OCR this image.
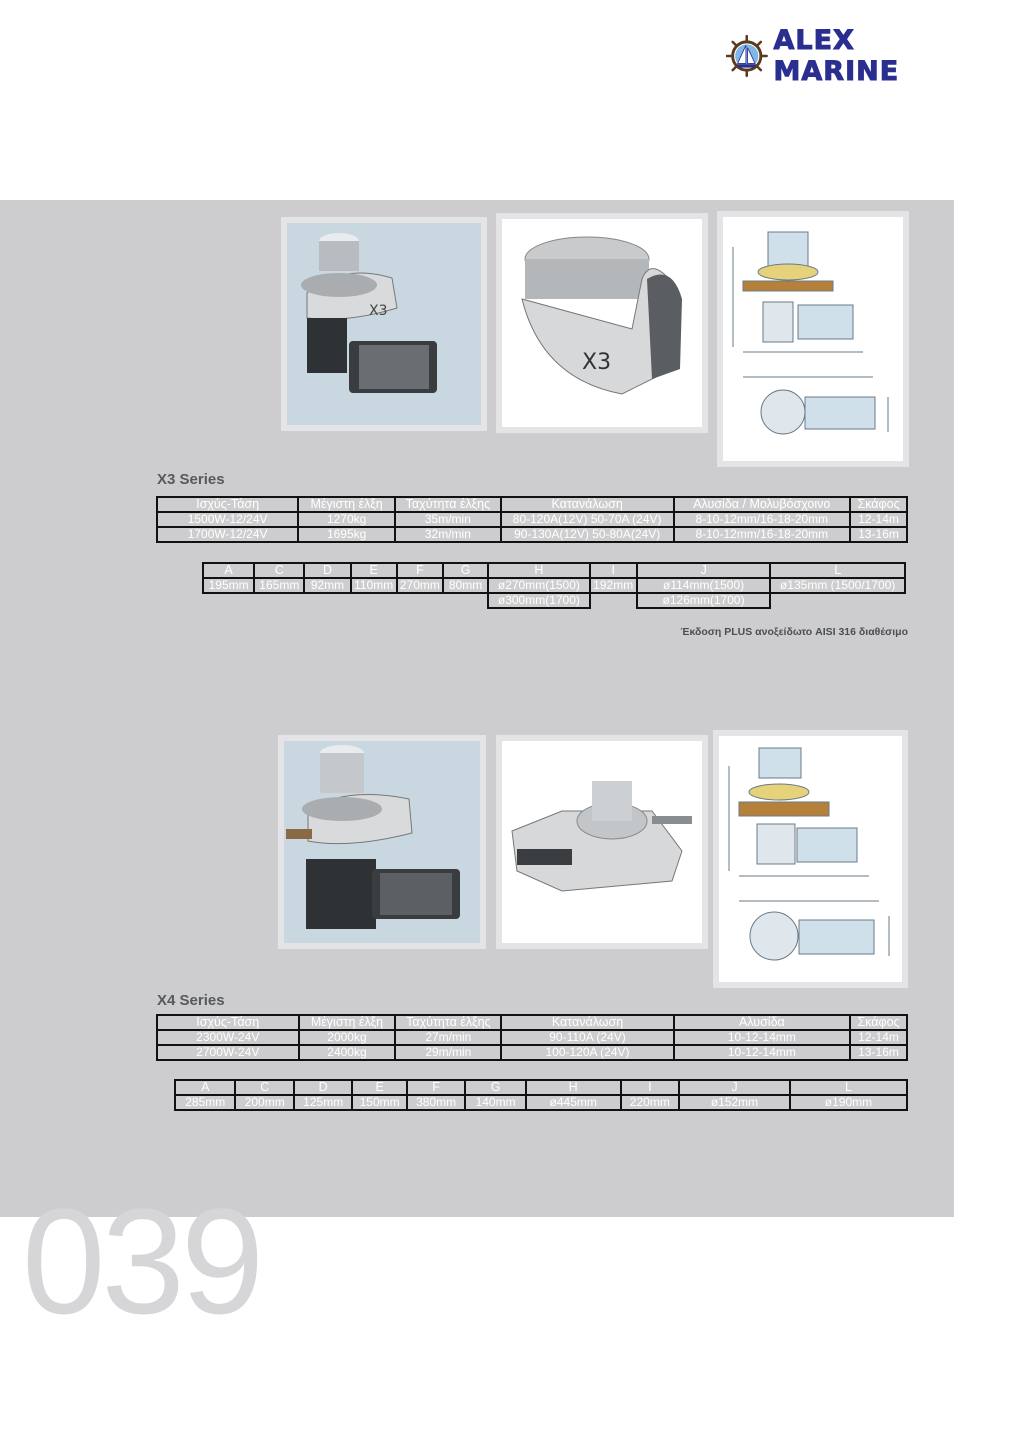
ALEX MARINE
X3
X3
X3 Series
Ισχύς-Τάση	Μέγιστη έλξη	Ταχύτητα έλξης	Κατανάλωση	Αλυσίδα / Μολυβόσχοινο	Σκάφος
1500W-12/24V	1270kg	35m/min	80-120A(12V) 50-70A (24V)	8-10-12mm/16-18-20mm	12-14m
1700W-12/24V	1695kg	32m/min	90-130A(12V) 50-80A(24V)	8-10-12mm/16-18-20mm	13-16m
A	C	D	E	F	G	H	I	J	L
195mm	165mm	92mm	110mm	270mm	80mm	ø270mm(1500)	192mm	ø114mm(1500)	ø135mm (1500/1700)
						ø300mm(1700)		ø126mm(1700)	
Έκδοση PLUS ανοξείδωτο AISI 316 διαθέσιμο
X4 Series
Ισχύς-Τάση	Μέγιστη έλξη	Ταχύτητα έλξης	Κατανάλωση	Αλυσίδα	Σκάφος
2300W-24V	2000kg	27m/min	90-110A (24V)	10-12-14mm	12-14m
2700W-24V	2400kg	29m/min	100-120A (24V)	10-12-14mm	13-16m
A	C	D	E	F	G	H	I	J	L
285mm	200mm	125mm	150mm	380mm	140mm	ø445mm	220mm	ø152mm	ø190mm
039
